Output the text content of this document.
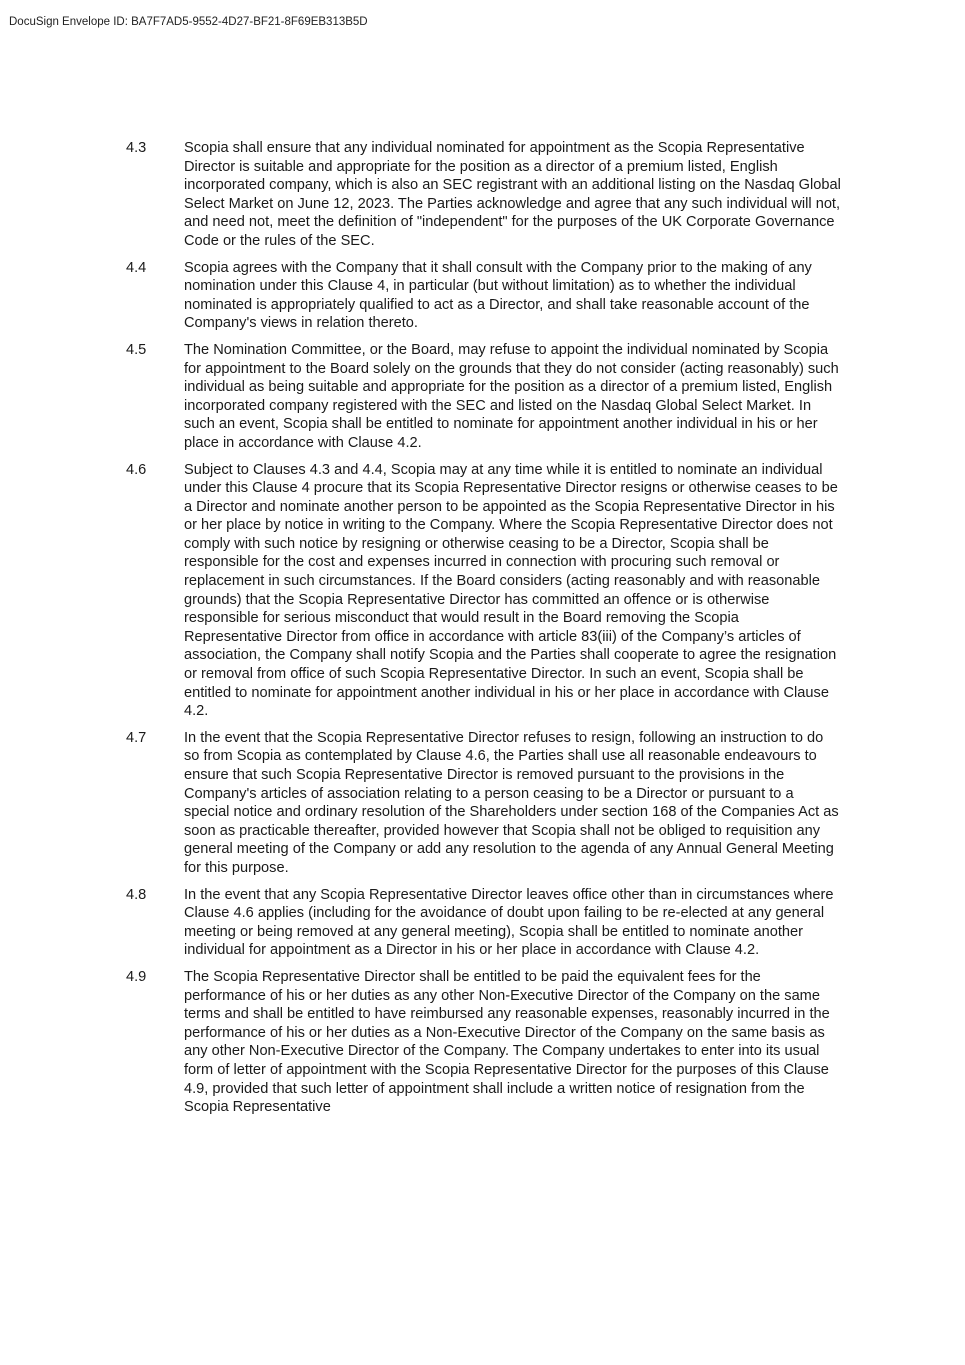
DocuSign Envelope ID: BA7F7AD5-9552-4D27-BF21-8F69EB313B5D
4.3	Scopia shall ensure that any individual nominated for appointment as the Scopia Representative Director is suitable and appropriate for the position as a director of a premium listed, English incorporated company, which is also an SEC registrant with an additional listing on the Nasdaq Global Select Market on June 12, 2023. The Parties acknowledge and agree that any such individual will not, and need not, meet the definition of "independent" for the purposes of the UK Corporate Governance Code or the rules of the SEC.

4.4	Scopia agrees with the Company that it shall consult with the Company prior to the making of any nomination under this Clause 4, in particular (but without limitation) as to whether the individual nominated is appropriately qualified to act as a Director, and shall take reasonable account of the Company's views in relation thereto.

4.5	The Nomination Committee, or the Board, may refuse to appoint the individual nominated by Scopia for appointment to the Board solely on the grounds that they do not consider (acting reasonably) such individual as being suitable and appropriate for the position as a director of a premium listed, English incorporated company registered with the SEC and listed on the Nasdaq Global Select Market. In such an event, Scopia shall be entitled to nominate for appointment another individual in his or her place in accordance with Clause 4.2.

4.6	Subject to Clauses 4.3 and 4.4, Scopia may at any time while it is entitled to nominate an individual under this Clause 4 procure that its Scopia Representative Director resigns or otherwise ceases to be a Director and nominate another person to be appointed as the Scopia Representative Director in his or her place by notice in writing to the Company. Where the Scopia Representative Director does not comply with such notice by resigning or otherwise ceasing to be a Director, Scopia shall be responsible for the cost and expenses incurred in connection with procuring such removal or replacement in such circumstances. If the Board considers (acting reasonably and with reasonable grounds) that the Scopia Representative Director has committed an offence or is otherwise responsible for serious misconduct that would result in the Board removing the Scopia Representative Director from office in accordance with article 83(iii) of the Company’s articles of association, the Company shall notify Scopia and the Parties shall cooperate to agree the resignation or removal from office of such Scopia Representative Director. In such an event, Scopia shall be entitled to nominate for appointment another individual in his or her place in accordance with Clause 4.2.

4.7	In the event that the Scopia Representative Director refuses to resign, following an instruction to do so from Scopia as contemplated by Clause 4.6, the Parties shall use all reasonable endeavours to ensure that such Scopia Representative Director is removed pursuant to the provisions in the Company's articles of association relating to a person ceasing to be a Director or pursuant to a special notice and ordinary resolution of the Shareholders under section 168 of the Companies Act as soon as practicable thereafter, provided however that Scopia shall not be obliged to requisition any general meeting of the Company or add any resolution to the agenda of any Annual General Meeting for this purpose.

4.8	In the event that any Scopia Representative Director leaves office other than in circumstances where Clause 4.6 applies (including for the avoidance of doubt upon failing to be re-elected at any general meeting or being removed at any general meeting), Scopia shall be entitled to nominate another individual for appointment as a Director in his or her place in accordance with Clause 4.2.

4.9	The Scopia Representative Director shall be entitled to be paid the equivalent fees for the performance of his or her duties as any other Non-Executive Director of the Company on the same terms and shall be entitled to have reimbursed any reasonable expenses, reasonably incurred in the performance of his or her duties as a Non-Executive Director of the Company on the same basis as any other Non-Executive Director of the Company. The Company undertakes to enter into its usual form of letter of appointment with the Scopia Representative Director for the purposes of this Clause 4.9, provided that such letter of appointment shall include a written notice of resignation from the Scopia Representative
